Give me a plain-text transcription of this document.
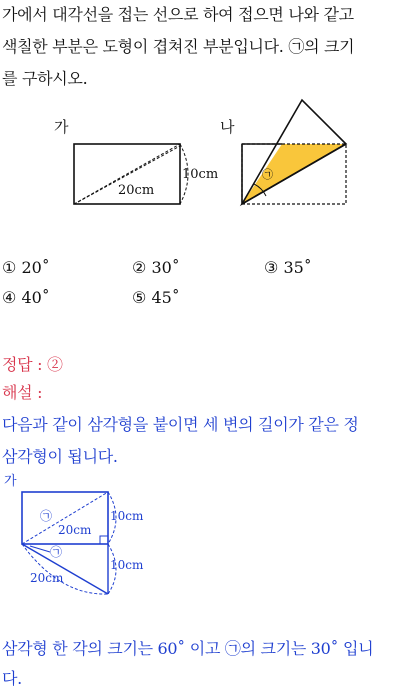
가에서 대각선을 접는 선으로 하여 접으면 나와 같고
색칠한 부분은 도형이 겹쳐진 부분입니다. ㉠의 크기
를 구하시오.
가
10cm
20cm
나
㉠
① 20˚	② 30˚	③ 35˚
④ 40˚	⑤ 45˚
정답 : ②
해설 :
다음과 같이 삼각형을 붙이면 세 변의 길이가 같은 정
삼각형이 됩니다.
가
10cm
10cm
20cm
20cm
㉠
㉠
삼각형 한 각의 크기는 60˚ 이고 ㉠의 크기는 30˚ 입니
다.
